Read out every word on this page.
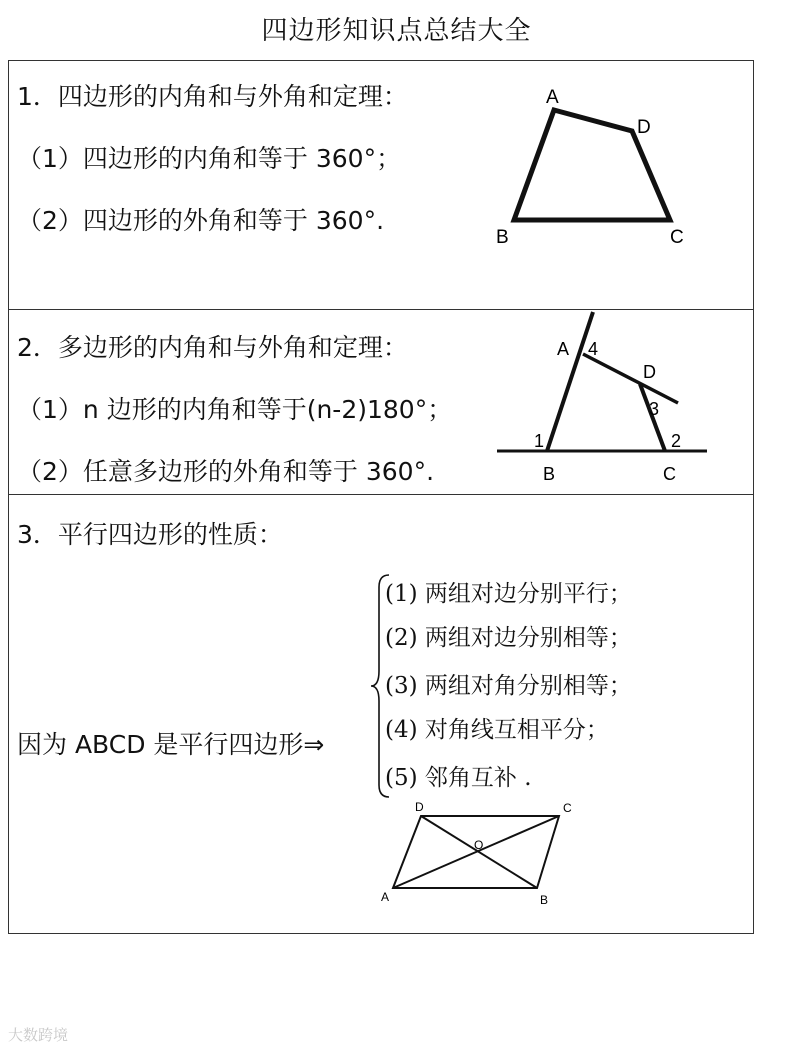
四边形知识点总结大全
1．四边形的内角和与外角和定理：
（1）四边形的内角和等于 360°；
（2）四边形的外角和等于 360°.
A
D
B	C
2．多边形的内角和与外角和定理：
（1）n 边形的内角和等于(n-2)180°；
（2）任意多边形的外角和等于 360°.
A 4
D
3
1	2
B	C
3．平行四边形的性质：
因为 ABCD 是平行四边形⇒
(1) 两组对边分别平行；
(2) 两组对边分别相等；
(3) 两组对角分别相等；
(4) 对角线互相平分；
(5) 邻角互补 .
D	C
O
A	B
大数跨境
